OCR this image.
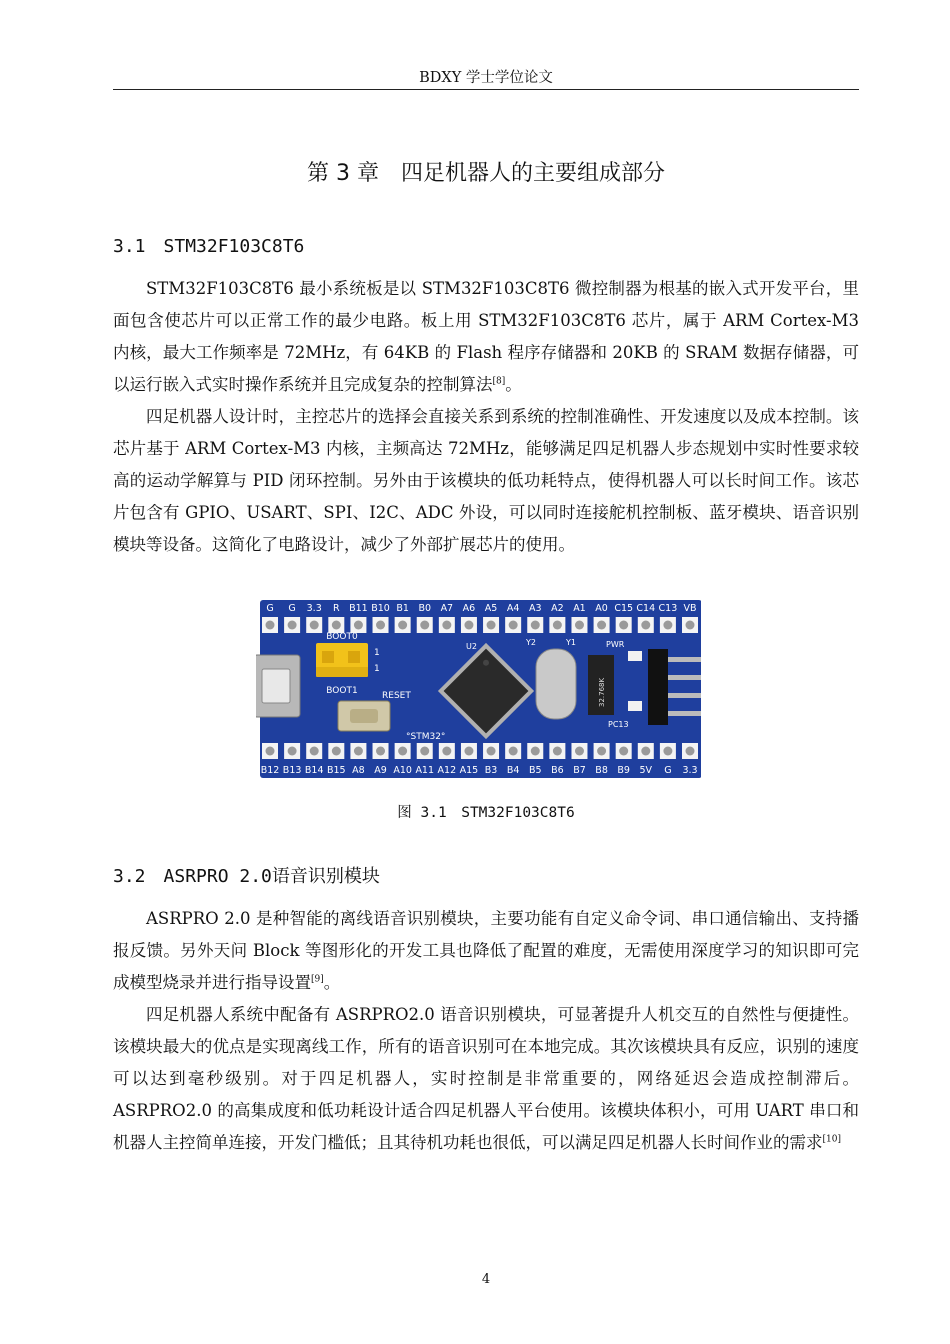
BDXY 学士学位论文
第 3 章　四足机器人的主要组成部分
3.1 STM32F103C8T6

STM32F103C8T6 最小系统板是以 STM32F103C8T6 微控制器为根基的嵌入式开发平台，里面包含使芯片可以正常工作的最少电路。板上用 STM32F103C8T6 芯片，属于 ARM Cortex-M3 内核，最大工作频率是 72MHz，有 64KB 的 Flash 程序存储器和 20KB 的 SRAM 数据存储器，可以运行嵌入式实时操作系统并且完成复杂的控制算法[8]。

四足机器人设计时，主控芯片的选择会直接关系到系统的控制准确性、开发速度以及成本控制。该芯片基于 ARM Cortex-M3 内核，主频高达 72MHz，能够满足四足机器人步态规划中实时性要求较高的运动学解算与 PID 闭环控制。另外由于该模块的低功耗特点，使得机器人可以长时间工作。该芯片包含有 GPIO、USART、SPI、I2C、ADC 外设，可以同时连接舵机控制板、蓝牙模块、语音识别模块等设备。这简化了电路设计，减少了外部扩展芯片的使用。

G G 3.3 R B11 B10 B1 B0 A7 A6 A5 A4 A3 A2 A1 A0 C15 C14 C13 VB
B12 B13 B14 B15 A8 A9 A10 A11 A12 A15 B3 B4 B5 B6 B7 B8 B9 5V G 3.3
BOOT0
BOOT1
1
1
RESET
°STM32°
U2	Y2	Y1
32.768K
PWR
PC13
图 3.1　STM32F103C8T6
3.2 ASRPRO 2.0语音识别模块

ASRPRO 2.0 是种智能的离线语音识别模块，主要功能有自定义命令词、串口通信输出、支持播报反馈。另外天问 Block 等图形化的开发工具也降低了配置的难度，无需使用深度学习的知识即可完成模型烧录并进行指导设置[9]。

四足机器人系统中配备有 ASRPRO2.0 语音识别模块，可显著提升人机交互的自然性与便捷性。该模块最大的优点是实现离线工作，所有的语音识别可在本地完成。其次该模块具有反应，识别的速度可以达到毫秒级别。对于四足机器人，实时控制是非常重要的，网络延迟会造成控制滞后。ASRPRO2.0 的高集成度和低功耗设计适合四足机器人平台使用。该模块体积小，可用 UART 串口和机器人主控简单连接，开发门槛低；且其待机功耗也很低，可以满足四足机器人长时间作业的需求[10]

4
